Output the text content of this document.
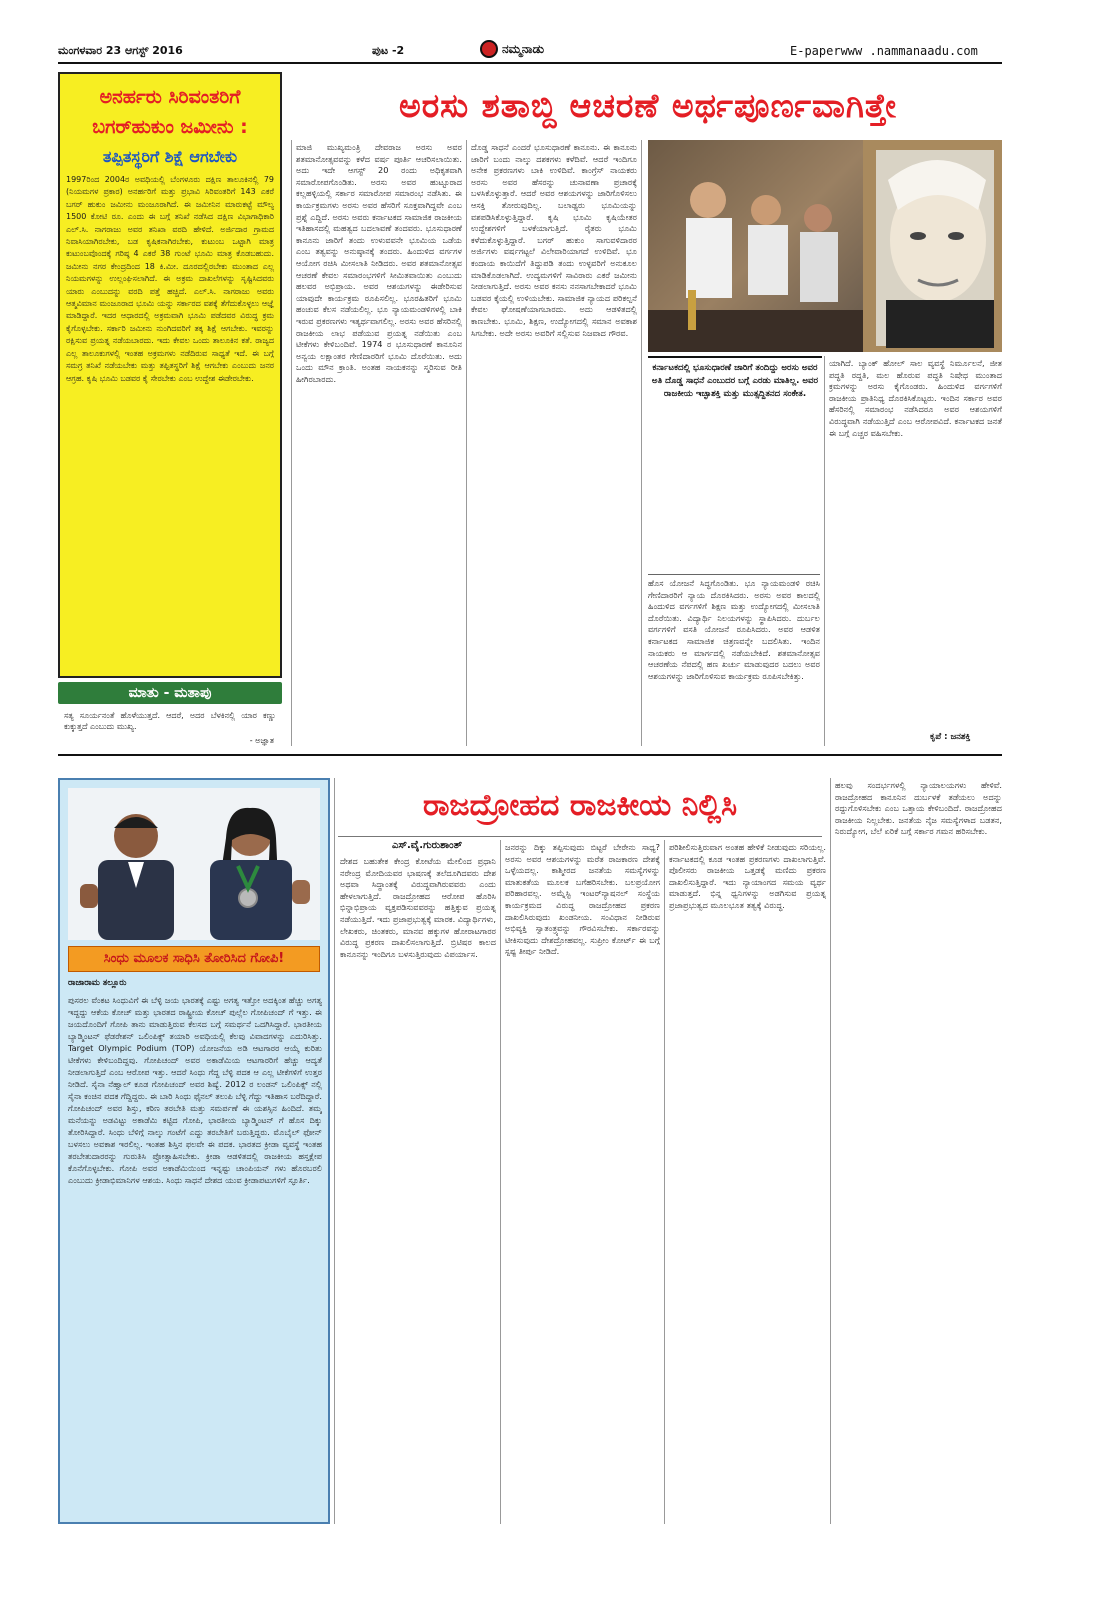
ಮಂಗಳವಾರ 23 ಆಗಸ್ಟ್ 2016	ಪುಟ -2	ನಮ್ಮನಾಡು	E-paperwww .nammanaadu.com
ಅನರ್ಹರು ಸಿರಿವಂತರಿಗೆ
ಬಗರ್‌ಹುಕುಂ ಜಮೀನು :
ತಪ್ಪಿತಸ್ಥರಿಗೆ ಶಿಕ್ಷೆ ಆಗಬೇಕು
1997ರಿಂದ 2004ರ ಅವಧಿಯಲ್ಲಿ ಬೆಂಗಳೂರು ದಕ್ಷಿಣ ತಾಲೂಕಿನಲ್ಲಿ 79 (ನಿಯಮಗಳ ಪ್ರಕಾರ) ಅನರ್ಹರಿಗೆ ಮತ್ತು ಪ್ರಭಾವಿ ಸಿರಿವಂತರಿಗೆ 143 ಎಕರೆ ಬಗರ್ ಹುಕುಂ ಜಮೀನು ಮಂಜೂರಾಗಿದೆ. ಈ ಜಮೀನಿನ ಮಾರುಕಟ್ಟೆ ಮೌಲ್ಯ 1500 ಕೋಟಿ ರೂ. ಎಂದು ಈ ಬಗ್ಗೆ ತನಿಖೆ ನಡೆಸಿದ ದಕ್ಷಿಣ ವಿಭಾಗಾಧಿಕಾರಿ ಎಲ್.ಸಿ. ನಾಗರಾಜು ಅವರ ತನಿಖಾ ವರದಿ ಹೇಳಿದೆ. ಅರ್ಜಿದಾರ ಗ್ರಾಮದ ನಿವಾಸಿಯಾಗಿರಬೇಕು, ಬಡ ಕೃಷಿಕನಾಗಿರಬೇಕು, ಕುಟುಂಬ ಒಟ್ಟಾಗಿ ಮಾತ್ರ ಕುಟುಂಬವೊಂದಕ್ಕೆ ಗರಿಷ್ಠ 4 ಎಕರೆ 38 ಗುಂಟೆ ಭೂಮಿ ಮಾತ್ರ ಕೊಡಬಹುದು. ಜಮೀನು ನಗರ ಕೇಂದ್ರದಿಂದ 18 ಕಿ.ಮೀ. ದೂರದಲ್ಲಿರಬೇಕು ಮುಂತಾದ ಎಲ್ಲ ನಿಯಮಗಳನ್ನು ಉಲ್ಲಂಘಿಸಲಾಗಿದೆ. ಈ ಅಕ್ರಮ ದಾಖಲೆಗಳನ್ನು ಸೃಷ್ಟಿಸಿದವರು ಯಾರು ಎಂಬುದನ್ನು ವರದಿ ಪತ್ತೆ ಹಚ್ಚಿದೆ. ಎಲ್.ಸಿ. ನಾಗರಾಜು ಅವರು ಆತ್ಮವಿಮಾನ ಮಂಜೂರಾದ ಭೂಮಿ ಯನ್ನು ಸರ್ಕಾರದ ವಶಕ್ಕೆ ತೆಗೆದುಕೊಳ್ಳಲು ಆಜ್ಞೆ ಮಾಡಿದ್ದಾರೆ. ಇದರ ಆಧಾರದಲ್ಲಿ ಅಕ್ರಮವಾಗಿ ಭೂಮಿ ಪಡೆದವರ ವಿರುದ್ಧ ಕ್ರಮ ಕೈಗೊಳ್ಳಬೇಕು. ಸರ್ಕಾರಿ ಜಮೀನು ನುಂಗಿದವರಿಗೆ ತಕ್ಕ ಶಿಕ್ಷೆ ಆಗಬೇಕು. ಇವರನ್ನು ರಕ್ಷಿಸುವ ಪ್ರಯತ್ನ ನಡೆಯಬಾರದು. ಇದು ಕೇವಲ ಒಂದು ತಾಲೂಕಿನ ಕತೆ. ರಾಜ್ಯದ ಎಲ್ಲ ತಾಲೂಕುಗಳಲ್ಲಿ ಇಂತಹ ಅಕ್ರಮಗಳು ನಡೆದಿರುವ ಸಾಧ್ಯತೆ ಇದೆ. ಈ ಬಗ್ಗೆ ಸಮಗ್ರ ತನಿಖೆ ನಡೆಯಬೇಕು ಮತ್ತು ತಪ್ಪಿತಸ್ಥರಿಗೆ ಶಿಕ್ಷೆ ಆಗಬೇಕು ಎಂಬುದು ಜನರ ಆಗ್ರಹ. ಕೃಷಿ ಭೂಮಿ ಬಡವರ ಕೈ ಸೇರಬೇಕು ಎಂಬ ಉದ್ದೇಶ ಈಡೇರಬೇಕು.
ಮಾತು - ಮತಾಪು
ಸತ್ಯ ಸೂರ್ಯನಂತೆ ಹೊಳೆಯುತ್ತದೆ. ಆದರೆ, ಅದರ ಬೆಳಕಿನಲ್ಲಿ ಯಾರ ಕಣ್ಣು ಕುಕ್ಕುತ್ತದೆ ಎಂಬುದು ಮುಖ್ಯ.
- ಅಜ್ಞಾತ
ಅರಸು ಶತಾಬ್ದಿ ಆಚರಣೆ ಅರ್ಥಪೂರ್ಣವಾಗಿತ್ತೇ
ಮಾಜಿ ಮುಖ್ಯಮಂತ್ರಿ ದೇವರಾಜ ಅರಸು ಅವರ ಶತಮಾನೋತ್ಸವವನ್ನು ಕಳೆದ ವರ್ಷ ಪೂರ್ತಿ ಆಚರಿಸಲಾಯಿತು. ಅದು ಇದೇ ಆಗಸ್ಟ್ 20 ರಂದು ಅಧಿಕೃತವಾಗಿ ಸಮಾರೋಪಗೊಂಡಿತು. ಅರಸು ಅವರ ಹುಟ್ಟೂರಾದ ಕಲ್ಲಹಳ್ಳಿಯಲ್ಲಿ ಸರ್ಕಾರ ಸಮಾರೋಪ ಸಮಾರಂಭ ನಡೆಸಿತು. ಈ ಕಾರ್ಯಕ್ರಮಗಳು ಅರಸು ಅವರ ಹೆಸರಿಗೆ ಸೂಕ್ತವಾಗಿದ್ದವೇ ಎಂಬ ಪ್ರಶ್ನೆ ಎದ್ದಿದೆ. ಅರಸು ಅವರು ಕರ್ನಾಟಕದ ಸಾಮಾಜಿಕ ರಾಜಕೀಯ ಇತಿಹಾಸದಲ್ಲಿ ಮಹತ್ವದ ಬದಲಾವಣೆ ತಂದವರು. ಭೂಸುಧಾರಣೆ ಕಾನೂನು ಜಾರಿಗೆ ತಂದು ಉಳುವವನೇ ಭೂಮಿಯ ಒಡೆಯ ಎಂಬ ತತ್ವವನ್ನು ಅನುಷ್ಠಾನಕ್ಕೆ ತಂದರು. ಹಿಂದುಳಿದ ವರ್ಗಗಳ ಆಯೋಗ ರಚಿಸಿ ಮೀಸಲಾತಿ ನೀಡಿದರು. ಅವರ ಶತಮಾನೋತ್ಸವ ಆಚರಣೆ ಕೇವಲ ಸಮಾರಂಭಗಳಿಗೆ ಸೀಮಿತವಾಯಿತು ಎಂಬುದು ಹಲವರ ಅಭಿಪ್ರಾಯ. ಅವರ ಆಶಯಗಳನ್ನು ಈಡೇರಿಸುವ ಯಾವುದೇ ಕಾರ್ಯಕ್ರಮ ರೂಪಿಸಲಿಲ್ಲ. ಭೂರಹಿತರಿಗೆ ಭೂಮಿ ಹಂಚುವ ಕೆಲಸ ನಡೆಯಲಿಲ್ಲ. ಭೂ ನ್ಯಾಯಮಂಡಳಿಗಳಲ್ಲಿ ಬಾಕಿ ಇರುವ ಪ್ರಕರಣಗಳು ಇತ್ಯರ್ಥವಾಗಲಿಲ್ಲ. ಅರಸು ಅವರ ಹೆಸರಿನಲ್ಲಿ ರಾಜಕೀಯ ಲಾಭ ಪಡೆಯುವ ಪ್ರಯತ್ನ ನಡೆಯಿತು ಎಂಬ ಟೀಕೆಗಳು ಕೇಳಿಬಂದಿವೆ. 1974 ರ ಭೂಸುಧಾರಣೆ ಕಾನೂನಿನ ಅನ್ವಯ ಲಕ್ಷಾಂತರ ಗೇಣಿದಾರರಿಗೆ ಭೂಮಿ ದೊರೆಯಿತು. ಅದು ಒಂದು ಮೌನ ಕ್ರಾಂತಿ. ಅಂತಹ ನಾಯಕನನ್ನು ಸ್ಮರಿಸುವ ರೀತಿ ಹೀಗಿರಬಾರದು.
ದೊಡ್ಡ ಸಾಧನೆ ಎಂದರೆ ಭೂಸುಧಾರಣೆ ಕಾನೂನು. ಈ ಕಾನೂನು ಜಾರಿಗೆ ಬಂದು ನಾಲ್ಕು ದಶಕಗಳು ಕಳೆದಿವೆ. ಆದರೆ ಇಂದಿಗೂ ಅನೇಕ ಪ್ರಕರಣಗಳು ಬಾಕಿ ಉಳಿದಿವೆ. ಕಾಂಗ್ರೆಸ್ ನಾಯಕರು ಅರಸು ಅವರ ಹೆಸರನ್ನು ಚುನಾವಣಾ ಪ್ರಚಾರಕ್ಕೆ ಬಳಸಿಕೊಳ್ಳುತ್ತಾರೆ. ಆದರೆ ಅವರ ಆಶಯಗಳನ್ನು ಜಾರಿಗೊಳಿಸಲು ಆಸಕ್ತಿ ತೋರುವುದಿಲ್ಲ. ಬಲಾಢ್ಯರು ಭೂಮಿಯನ್ನು ವಶಪಡಿಸಿಕೊಳ್ಳುತ್ತಿದ್ದಾರೆ. ಕೃಷಿ ಭೂಮಿ ಕೃಷಿಯೇತರ ಉದ್ದೇಶಗಳಿಗೆ ಬಳಕೆಯಾಗುತ್ತಿದೆ. ರೈತರು ಭೂಮಿ ಕಳೆದುಕೊಳ್ಳುತ್ತಿದ್ದಾರೆ. ಬಗರ್ ಹುಕುಂ ಸಾಗುವಳಿದಾರರ ಅರ್ಜಿಗಳು ವರ್ಷಗಟ್ಟಲೆ ವಿಲೇವಾರಿಯಾಗದೆ ಉಳಿದಿವೆ. ಭೂ ಕಂದಾಯ ಕಾಯಿದೆಗೆ ತಿದ್ದುಪಡಿ ತಂದು ಉಳ್ಳವರಿಗೆ ಅನುಕೂಲ ಮಾಡಿಕೊಡಲಾಗಿದೆ. ಉದ್ಯಮಗಳಿಗೆ ಸಾವಿರಾರು ಎಕರೆ ಜಮೀನು ನೀಡಲಾಗುತ್ತಿದೆ. ಅರಸು ಅವರ ಕನಸು ನನಸಾಗಬೇಕಾದರೆ ಭೂಮಿ ಬಡವರ ಕೈಯಲ್ಲಿ ಉಳಿಯಬೇಕು. ಸಾಮಾಜಿಕ ನ್ಯಾಯದ ಪರಿಕಲ್ಪನೆ ಕೇವಲ ಘೋಷಣೆಯಾಗಬಾರದು. ಅದು ಆಡಳಿತದಲ್ಲಿ ಕಾಣಬೇಕು. ಭೂಮಿ, ಶಿಕ್ಷಣ, ಉದ್ಯೋಗದಲ್ಲಿ ಸಮಾನ ಅವಕಾಶ ಸಿಗಬೇಕು. ಅದೇ ಅರಸು ಅವರಿಗೆ ಸಲ್ಲಿಸುವ ನಿಜವಾದ ಗೌರವ.
ಕರ್ನಾಟಕದಲ್ಲಿ ಭೂಸುಧಾರಣೆ ಜಾರಿಗೆ ತಂದಿದ್ದು ಅರಸು ಅವರ ಅತಿ ದೊಡ್ಡ ಸಾಧನೆ ಎಂಬುದರ ಬಗ್ಗೆ ಎರಡು ಮಾತಿಲ್ಲ. ಅವರ ರಾಜಕೀಯ ಇಚ್ಛಾಶಕ್ತಿ ಮತ್ತು ಮುತ್ಸದ್ದಿತನದ ಸಂಕೇತ.
ಹೊಸ ಯೋಜನೆ ಸಿದ್ಧಗೊಂಡಿತು. ಭೂ ನ್ಯಾಯಮಂಡಳಿ ರಚಿಸಿ ಗೇಣಿದಾರರಿಗೆ ನ್ಯಾಯ ದೊರಕಿಸಿದರು. ಅರಸು ಅವರ ಕಾಲದಲ್ಲಿ ಹಿಂದುಳಿದ ವರ್ಗಗಳಿಗೆ ಶಿಕ್ಷಣ ಮತ್ತು ಉದ್ಯೋಗದಲ್ಲಿ ಮೀಸಲಾತಿ ದೊರೆಯಿತು. ವಿದ್ಯಾರ್ಥಿ ನಿಲಯಗಳನ್ನು ಸ್ಥಾಪಿಸಿದರು. ದುರ್ಬಲ ವರ್ಗಗಳಿಗೆ ವಸತಿ ಯೋಜನೆ ರೂಪಿಸಿದರು. ಅವರ ಆಡಳಿತ ಕರ್ನಾಟಕದ ಸಾಮಾಜಿಕ ಚಿತ್ರಣವನ್ನೇ ಬದಲಿಸಿತು. ಇಂದಿನ ನಾಯಕರು ಆ ಮಾರ್ಗದಲ್ಲಿ ನಡೆಯಬೇಕಿದೆ. ಶತಮಾನೋತ್ಸವ ಆಚರಣೆಯ ನೆಪದಲ್ಲಿ ಹಣ ಖರ್ಚು ಮಾಡುವುದರ ಬದಲು ಅವರ ಆಶಯಗಳನ್ನು ಜಾರಿಗೊಳಿಸುವ ಕಾರ್ಯಕ್ರಮ ರೂಪಿಸಬೇಕಿತ್ತು.
ಯಾಗಿದೆ. ಬ್ಯಾಂಕ್ ಹೋಲ್ ಸಾಲ ವ್ಯವಸ್ಥೆ ನಿರ್ಮೂಲನೆ, ಜೀತ ಪದ್ಧತಿ ರದ್ದತಿ, ಮಲ ಹೊರುವ ಪದ್ಧತಿ ನಿಷೇಧ ಮುಂತಾದ ಕ್ರಮಗಳನ್ನು ಅರಸು ಕೈಗೊಂಡರು. ಹಿಂದುಳಿದ ವರ್ಗಗಳಿಗೆ ರಾಜಕೀಯ ಪ್ರಾತಿನಿಧ್ಯ ದೊರಕಿಸಿಕೊಟ್ಟರು. ಇಂದಿನ ಸರ್ಕಾರ ಅವರ ಹೆಸರಿನಲ್ಲಿ ಸಮಾರಂಭ ನಡೆಸಿದರೂ ಅವರ ಆಶಯಗಳಿಗೆ ವಿರುದ್ಧವಾಗಿ ನಡೆಯುತ್ತಿದೆ ಎಂಬ ಆರೋಪವಿದೆ. ಕರ್ನಾಟಕದ ಜನತೆ ಈ ಬಗ್ಗೆ ಎಚ್ಚರ ವಹಿಸಬೇಕು.
ಕೃಪೆ : ಜನಶಕ್ತಿ
ಸಿಂಧು ಮೂಲಕ ಸಾಧಿಸಿ ತೋರಿಸಿದ ಗೋಪಿ!
ರಾಜಾರಾಮ ತಲ್ಲೂರು
ಪುಸರಲ ವೆಂಕಟ ಸಿಂಧುವಿಗೆ ಈ ಬೆಳ್ಳಿ ಜಯ ಭಾರತಕ್ಕೆ ಎಷ್ಟು ಅಗತ್ಯ ಇತ್ತೋ ಅದಕ್ಕಿಂತ ಹೆಚ್ಚು ಅಗತ್ಯ ಇದ್ದದ್ದು ಆಕೆಯ ಕೋಚ್ ಮತ್ತು ಭಾರತದ ರಾಷ್ಟ್ರೀಯ ಕೋಚ್ ಪುಲ್ಲೆಲ ಗೋಪಿಚಂದ್ ಗೆ ಇತ್ತು. ಈ ಜಯದೊಂದಿಗೆ ಗೋಪಿ ತಾನು ಮಾಡುತ್ತಿರುವ ಕೆಲಸದ ಬಗ್ಗೆ ಸಮರ್ಥನೆ ಒದಗಿಸಿದ್ದಾರೆ. ಭಾರತೀಯ ಬ್ಯಾಡ್ಮಿಂಟನ್ ಫೆಡರೇಶನ್ ಒಲಿಂಪಿಕ್ಸ್ ತಯಾರಿ ಅವಧಿಯಲ್ಲಿ ಕೆಲವು ವಿವಾದಗಳನ್ನು ಎದುರಿಸಿತ್ತು. Target Olympic Podium (TOP) ಯೋಜನೆಯ ಅಡಿ ಆಟಗಾರರ ಆಯ್ಕೆ ಕುರಿತು ಟೀಕೆಗಳು ಕೇಳಿಬಂದಿದ್ದವು. ಗೋಪಿಚಂದ್ ಅವರ ಅಕಾಡೆಮಿಯ ಆಟಗಾರರಿಗೆ ಹೆಚ್ಚು ಆದ್ಯತೆ ನೀಡಲಾಗುತ್ತಿದೆ ಎಂಬ ಆರೋಪ ಇತ್ತು. ಆದರೆ ಸಿಂಧು ಗೆದ್ದ ಬೆಳ್ಳಿ ಪದಕ ಆ ಎಲ್ಲ ಟೀಕೆಗಳಿಗೆ ಉತ್ತರ ನೀಡಿದೆ. ಸೈನಾ ನೆಹ್ವಾಲ್ ಕೂಡ ಗೋಪಿಚಂದ್ ಅವರ ಶಿಷ್ಯೆ. 2012 ರ ಲಂಡನ್ ಒಲಿಂಪಿಕ್ಸ್ ನಲ್ಲಿ ಸೈನಾ ಕಂಚಿನ ಪದಕ ಗೆದ್ದಿದ್ದರು. ಈ ಬಾರಿ ಸಿಂಧು ಫೈನಲ್ ತಲುಪಿ ಬೆಳ್ಳಿ ಗೆದ್ದು ಇತಿಹಾಸ ಬರೆದಿದ್ದಾರೆ. ಗೋಪಿಚಂದ್ ಅವರ ಶಿಸ್ತು, ಕಠಿಣ ತರಬೇತಿ ಮತ್ತು ಸಮರ್ಪಣೆ ಈ ಯಶಸ್ಸಿನ ಹಿಂದಿದೆ. ತಮ್ಮ ಮನೆಯನ್ನು ಅಡವಿಟ್ಟು ಅಕಾಡೆಮಿ ಕಟ್ಟಿದ ಗೋಪಿ, ಭಾರತೀಯ ಬ್ಯಾಡ್ಮಿಂಟನ್ ಗೆ ಹೊಸ ದಿಕ್ಕು ತೋರಿಸಿದ್ದಾರೆ. ಸಿಂಧು ಬೆಳಿಗ್ಗೆ ನಾಲ್ಕು ಗಂಟೆಗೆ ಎದ್ದು ತರಬೇತಿಗೆ ಬರುತ್ತಿದ್ದರು. ಮೊಬೈಲ್ ಫೋನ್ ಬಳಸಲು ಅವಕಾಶ ಇರಲಿಲ್ಲ. ಇಂತಹ ಶಿಸ್ತಿನ ಫಲವೇ ಈ ಪದಕ. ಭಾರತದ ಕ್ರೀಡಾ ವ್ಯವಸ್ಥೆ ಇಂತಹ ತರಬೇತುದಾರರನ್ನು ಗುರುತಿಸಿ ಪ್ರೋತ್ಸಾಹಿಸಬೇಕು. ಕ್ರೀಡಾ ಆಡಳಿತದಲ್ಲಿ ರಾಜಕೀಯ ಹಸ್ತಕ್ಷೇಪ ಕೊನೆಗೊಳ್ಳಬೇಕು. ಗೋಪಿ ಅವರ ಅಕಾಡೆಮಿಯಿಂದ ಇನ್ನಷ್ಟು ಚಾಂಪಿಯನ್ ಗಳು ಹೊರಬರಲಿ ಎಂಬುದು ಕ್ರೀಡಾಭಿಮಾನಿಗಳ ಆಶಯ. ಸಿಂಧು ಸಾಧನೆ ದೇಶದ ಯುವ ಕ್ರೀಡಾಪಟುಗಳಿಗೆ ಸ್ಫೂರ್ತಿ.
ರಾಜದ್ರೋಹದ ರಾಜಕೀಯ ನಿಲ್ಲಿಸಿ
ಎಸ್.ವೈ.ಗುರುಶಾಂತ್
ದೇಶದ ಬಹುತೇಕ ಕೇಂದ್ರ ಕೋಟೆಯ ಮೇಲಿಂದ ಪ್ರಧಾನಿ ನರೇಂದ್ರ ಮೋದಿಯವರ ಭಾಷಣಕ್ಕೆ ತಲೆದೂಗಿದವರು ದೇಶ ಅಥವಾ ಸಿದ್ಧಾಂತಕ್ಕೆ ವಿರುದ್ಧವಾಗಿರುವವರು ಎಂದು ಹೇಳಲಾಗುತ್ತಿದೆ. ರಾಜದ್ರೋಹದ ಆರೋಪ ಹೊರಿಸಿ ಭಿನ್ನಾಭಿಪ್ರಾಯ ವ್ಯಕ್ತಪಡಿಸುವವರನ್ನು ಹತ್ತಿಕ್ಕುವ ಪ್ರಯತ್ನ ನಡೆಯುತ್ತಿದೆ. ಇದು ಪ್ರಜಾಪ್ರಭುತ್ವಕ್ಕೆ ಮಾರಕ. ವಿದ್ಯಾರ್ಥಿಗಳು, ಲೇಖಕರು, ಚಿಂತಕರು, ಮಾನವ ಹಕ್ಕುಗಳ ಹೋರಾಟಗಾರರ ವಿರುದ್ಧ ಪ್ರಕರಣ ದಾಖಲಿಸಲಾಗುತ್ತಿದೆ. ಬ್ರಿಟಿಷರ ಕಾಲದ ಕಾನೂನನ್ನು ಇಂದಿಗೂ ಬಳಸುತ್ತಿರುವುದು ವಿಪರ್ಯಾಸ.
ಜನರನ್ನು ದಿಕ್ಕು ತಪ್ಪಿಸುವುದು ಬಿಟ್ಟರೆ ಬೇರೇನು ಸಾಧ್ಯ? ಅರಸು ಅವರ ಆಶಯಗಳನ್ನು ಮರೆತ ರಾಜಕಾರಣ ದೇಶಕ್ಕೆ ಒಳ್ಳೆಯದಲ್ಲ. ಕಾಶ್ಮೀರದ ಜನತೆಯ ಸಮಸ್ಯೆಗಳನ್ನು ಮಾತುಕತೆಯ ಮೂಲಕ ಬಗೆಹರಿಸಬೇಕು. ಬಲಪ್ರಯೋಗ ಪರಿಹಾರವಲ್ಲ. ಅಮ್ನೆಸ್ಟಿ ಇಂಟರ್‌ನ್ಯಾಷನಲ್ ಸಂಸ್ಥೆಯ ಕಾರ್ಯಕ್ರಮದ ವಿರುದ್ಧ ರಾಜದ್ರೋಹದ ಪ್ರಕರಣ ದಾಖಲಿಸಿರುವುದು ಖಂಡನೀಯ. ಸಂವಿಧಾನ ನೀಡಿರುವ ಅಭಿವ್ಯಕ್ತಿ ಸ್ವಾತಂತ್ರ್ಯವನ್ನು ಗೌರವಿಸಬೇಕು. ಸರ್ಕಾರವನ್ನು ಟೀಕಿಸುವುದು ದೇಶದ್ರೋಹವಲ್ಲ. ಸುಪ್ರೀಂ ಕೋರ್ಟ್ ಈ ಬಗ್ಗೆ ಸ್ಪಷ್ಟ ತೀರ್ಪು ನೀಡಿದೆ.
ಪರಿಶೀಲಿಸುತ್ತಿರುವಾಗ ಅಂತಹ ಹೇಳಿಕೆ ನೀಡುವುದು ಸರಿಯಲ್ಲ. ಕರ್ನಾಟಕದಲ್ಲಿ ಕೂಡ ಇಂತಹ ಪ್ರಕರಣಗಳು ದಾಖಲಾಗುತ್ತಿವೆ. ಪೊಲೀಸರು ರಾಜಕೀಯ ಒತ್ತಡಕ್ಕೆ ಮಣಿದು ಪ್ರಕರಣ ದಾಖಲಿಸುತ್ತಿದ್ದಾರೆ. ಇದು ನ್ಯಾಯಾಂಗದ ಸಮಯ ವ್ಯರ್ಥ ಮಾಡುತ್ತದೆ. ಭಿನ್ನ ಧ್ವನಿಗಳನ್ನು ಅಡಗಿಸುವ ಪ್ರಯತ್ನ ಪ್ರಜಾಪ್ರಭುತ್ವದ ಮೂಲಭೂತ ತತ್ವಕ್ಕೆ ವಿರುದ್ಧ.
ಹಲವು ಸಂದರ್ಭಗಳಲ್ಲಿ ನ್ಯಾಯಾಲಯಗಳು ಹೇಳಿವೆ. ರಾಜದ್ರೋಹದ ಕಾನೂನಿನ ದುರ್ಬಳಕೆ ತಡೆಯಲು ಅದನ್ನು ರದ್ದುಗೊಳಿಸಬೇಕು ಎಂಬ ಒತ್ತಾಯ ಕೇಳಿಬಂದಿದೆ. ರಾಜದ್ರೋಹದ ರಾಜಕೀಯ ನಿಲ್ಲಬೇಕು. ಜನತೆಯ ನೈಜ ಸಮಸ್ಯೆಗಳಾದ ಬಡತನ, ನಿರುದ್ಯೋಗ, ಬೆಲೆ ಏರಿಕೆ ಬಗ್ಗೆ ಸರ್ಕಾರ ಗಮನ ಹರಿಸಬೇಕು.
